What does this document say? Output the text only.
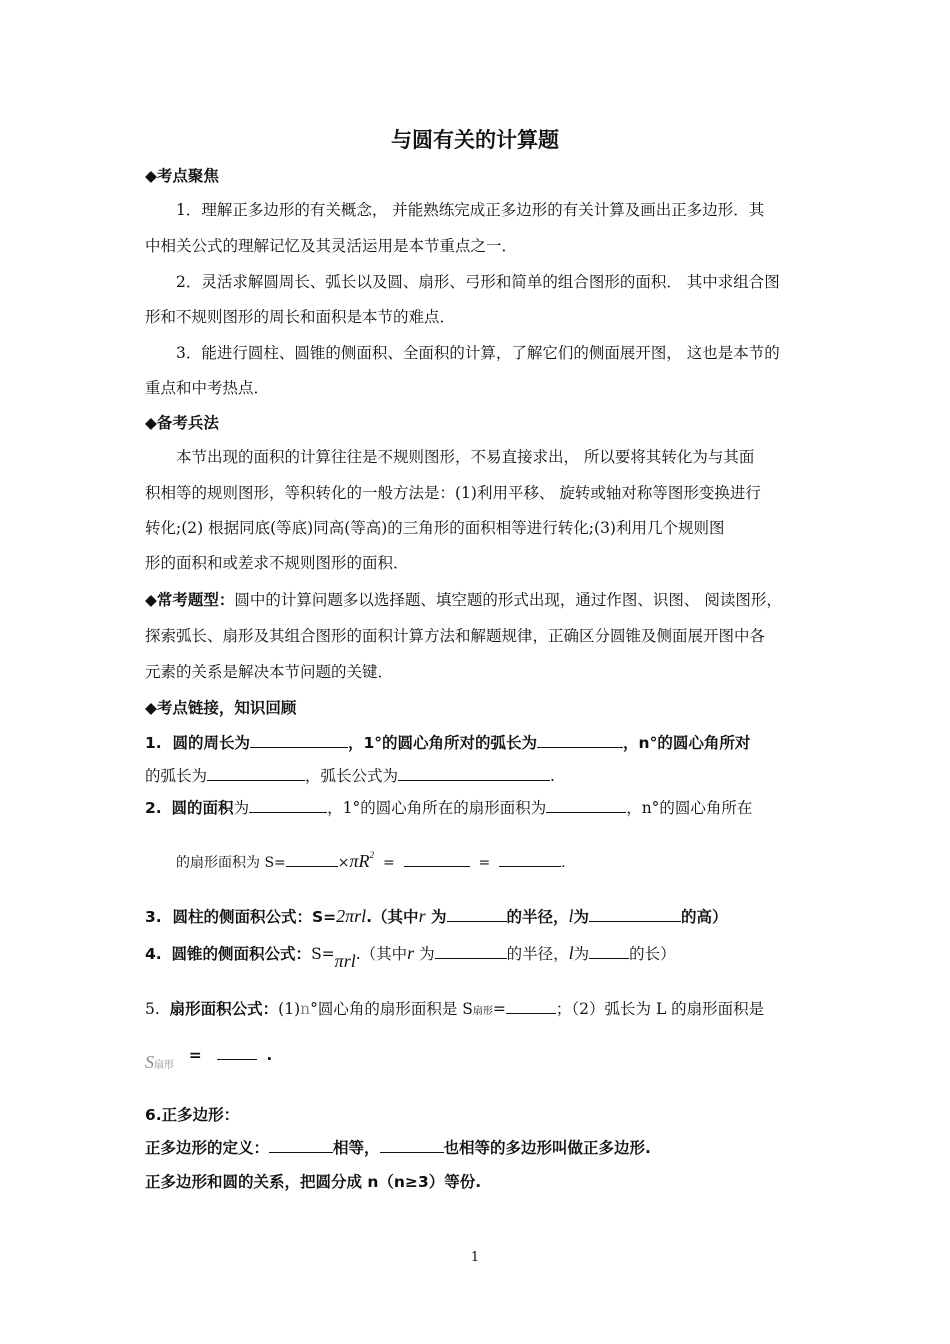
与圆有关的计算题
◆考点聚焦
1．理解正多边形的有关概念， 并能熟练完成正多边形的有关计算及画出正多边形．其
中相关公式的理解记忆及其灵活运用是本节重点之一．
2．灵活求解圆周长、弧长以及圆、扇形、弓形和简单的组合图形的面积． 其中求组合图
形和不规则图形的周长和面积是本节的难点．
3．能进行圆柱、圆锥的侧面积、全面积的计算，了解它们的侧面展开图， 这也是本节的
重点和中考热点．
◆备考兵法
本节出现的面积的计算往往是不规则图形，不易直接求出， 所以要将其转化为与其面
积相等的规则图形，等积转化的一般方法是：(1)利用平移、 旋转或轴对称等图形变换进行
转化;(2) 根据同底(等底)同高(等高)的三角形的面积相等进行转化;(3)利用几个规则图
形的面积和或差求不规则图形的面积．
◆常考题型：圆中的计算问题多以选择题、填空题的形式出现，通过作图、识图、 阅读图形，
探索弧长、扇形及其组合图形的面积计算方法和解题规律，正确区分圆锥及侧面展开图中各
元素的关系是解决本节问题的关键．
◆考点链接，知识回顾
1. 圆的周长为	，1°的圆心角所对的弧长为	，n°的圆心角所对
的弧长为	，弧长公式为	.
2. 圆的面积为	，1°的圆心角所在的扇形面积为	，n°的圆心角所在
的扇形面积为 S=	$\times\pi R^2$ =	=	.
3. 圆柱的侧面积公式：S=2πrl.（其中r 为	的半径，l为	的高）
4. 圆锥的侧面积公式：S=πrl.（其中r 为	的半径，l为	的长）
5. 扇形面积公式：(1)n°圆心角的扇形面积是 S扇形=	；（2）弧长为 L 的扇形面积是
S扇形   =	.
6.正多边形：
正多边形的定义：	相等，	也相等的多边形叫做正多边形.
正多边形和圆的关系，把圆分成 n（n≥3）等份.
1
